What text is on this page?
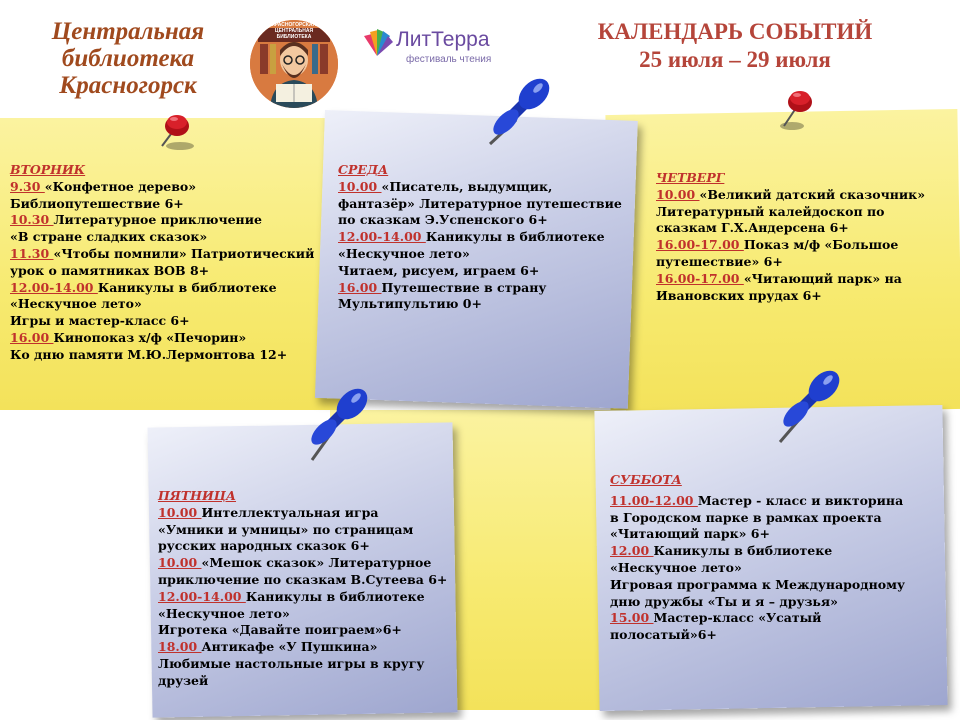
Центральная
библиотека
Красногорск
КРАСНОГОРСКАЯ ЦЕНТРАЛЬНАЯ БИБЛИОТЕКА	ЛитТерра
фестиваль чтения
КАЛЕНДАРЬ СОБЫТИЙ
25 июля – 29 июля
ВТОРНИК
9.30 «Конфетное дерево»
Библиопутешествие 6+
10.30 Литературное приключение
«В стране сладких сказок»
11.30 «Чтобы помнили» Патриотический
урок о памятниках ВОВ 8+
12.00-14.00 Каникулы в библиотеке
«Нескучное лето»
Игры и мастер-класс 6+
16.00 Кинопоказ х/ф «Печорин»
Ко дню памяти М.Ю.Лермонтова 12+
СРЕДА
10.00 «Писатель, выдумщик,
фантазёр» Литературное путешествие
по сказкам Э.Успенского 6+
12.00-14.00 Каникулы в библиотеке
«Нескучное лето»
Читаем, рисуем, играем 6+
16.00 Путешествие в страну
Мультипультию 0+
ЧЕТВЕРГ
10.00 «Великий датский сказочник»
Литературный калейдоскоп по
сказкам Г.Х.Андерсена 6+
16.00-17.00 Показ м/ф «Большое
путешествие» 6+
16.00-17.00 «Читающий парк» на
Ивановских прудах 6+
ПЯТНИЦА
10.00 Интеллектуальная игра
«Умники и умницы» по страницам
русских народных сказок 6+
10.00 «Мешок сказок» Литературное
приключение по сказкам В.Сутеева 6+
12.00-14.00 Каникулы в библиотеке
«Нескучное лето»
Игротека «Давайте поиграем»6+
18.00 Антикафе «У Пушкина»
Любимые настольные игры в кругу
друзей
СУББОТА
11.00-12.00 Мастер - класс и викторина
в Городском парке в рамках проекта
«Читающий парк» 6+
12.00 Каникулы в библиотеке
«Нескучное лето»
Игровая программа к Международному
дню дружбы «Ты и я – друзья»
15.00 Мастер-класс «Усатый
полосатый»6+
